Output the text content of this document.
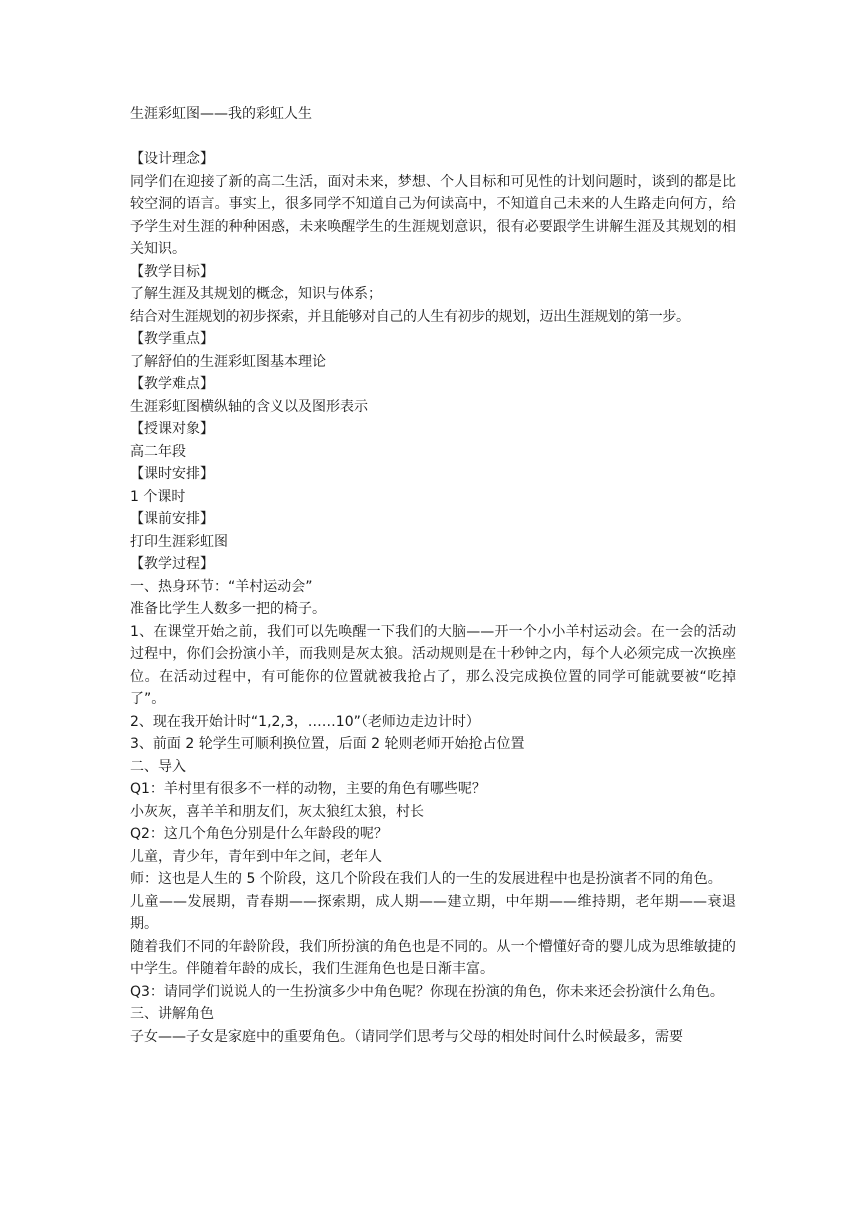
生涯彩虹图——我的彩虹人生

【设计理念】

同学们在迎接了新的高二生活，面对未来，梦想、个人目标和可见性的计划问题时，谈到的都是比较空洞的语言。事实上，很多同学不知道自己为何读高中，不知道自己未来的人生路走向何方，给予学生对生涯的种种困惑，未来唤醒学生的生涯规划意识，很有必要跟学生讲解生涯及其规划的相关知识。

【教学目标】

了解生涯及其规划的概念，知识与体系；

结合对生涯规划的初步探索，并且能够对自己的人生有初步的规划，迈出生涯规划的第一步。

【教学重点】

了解舒伯的生涯彩虹图基本理论

【教学难点】

生涯彩虹图横纵轴的含义以及图形表示

【授课对象】

高二年段

【课时安排】

1 个课时

【课前安排】

打印生涯彩虹图

【教学过程】

一、热身环节：“羊村运动会”

准备比学生人数多一把的椅子。

1、在课堂开始之前，我们可以先唤醒一下我们的大脑——开一个小小羊村运动会。在一会的活动过程中，你们会扮演小羊，而我则是灰太狼。活动规则是在十秒钟之内，每个人必须完成一次换座位。在活动过程中，有可能你的位置就被我抢占了，那么没完成换位置的同学可能就要被“吃掉了”。

2、现在我开始计时“1,2,3，……10”（老师边走边计时）

3、前面 2 轮学生可顺利换位置，后面 2 轮则老师开始抢占位置

二、导入

Q1：羊村里有很多不一样的动物，主要的角色有哪些呢？

小灰灰，喜羊羊和朋友们，灰太狼红太狼，村长

Q2：这几个角色分别是什么年龄段的呢？

儿童，青少年，青年到中年之间，老年人

师：这也是人生的 5 个阶段，这几个阶段在我们人的一生的发展进程中也是扮演者不同的角色。

儿童——发展期，青春期——探索期，成人期——建立期，中年期——维持期，老年期——衰退期。

随着我们不同的年龄阶段，我们所扮演的角色也是不同的。从一个懵懂好奇的婴儿成为思维敏捷的中学生。伴随着年龄的成长，我们生涯角色也是日渐丰富。

Q3：请同学们说说人的一生扮演多少中角色呢？你现在扮演的角色，你未来还会扮演什么角色。

三、讲解角色

子女——子女是家庭中的重要角色。（请同学们思考与父母的相处时间什么时候最多，需要
